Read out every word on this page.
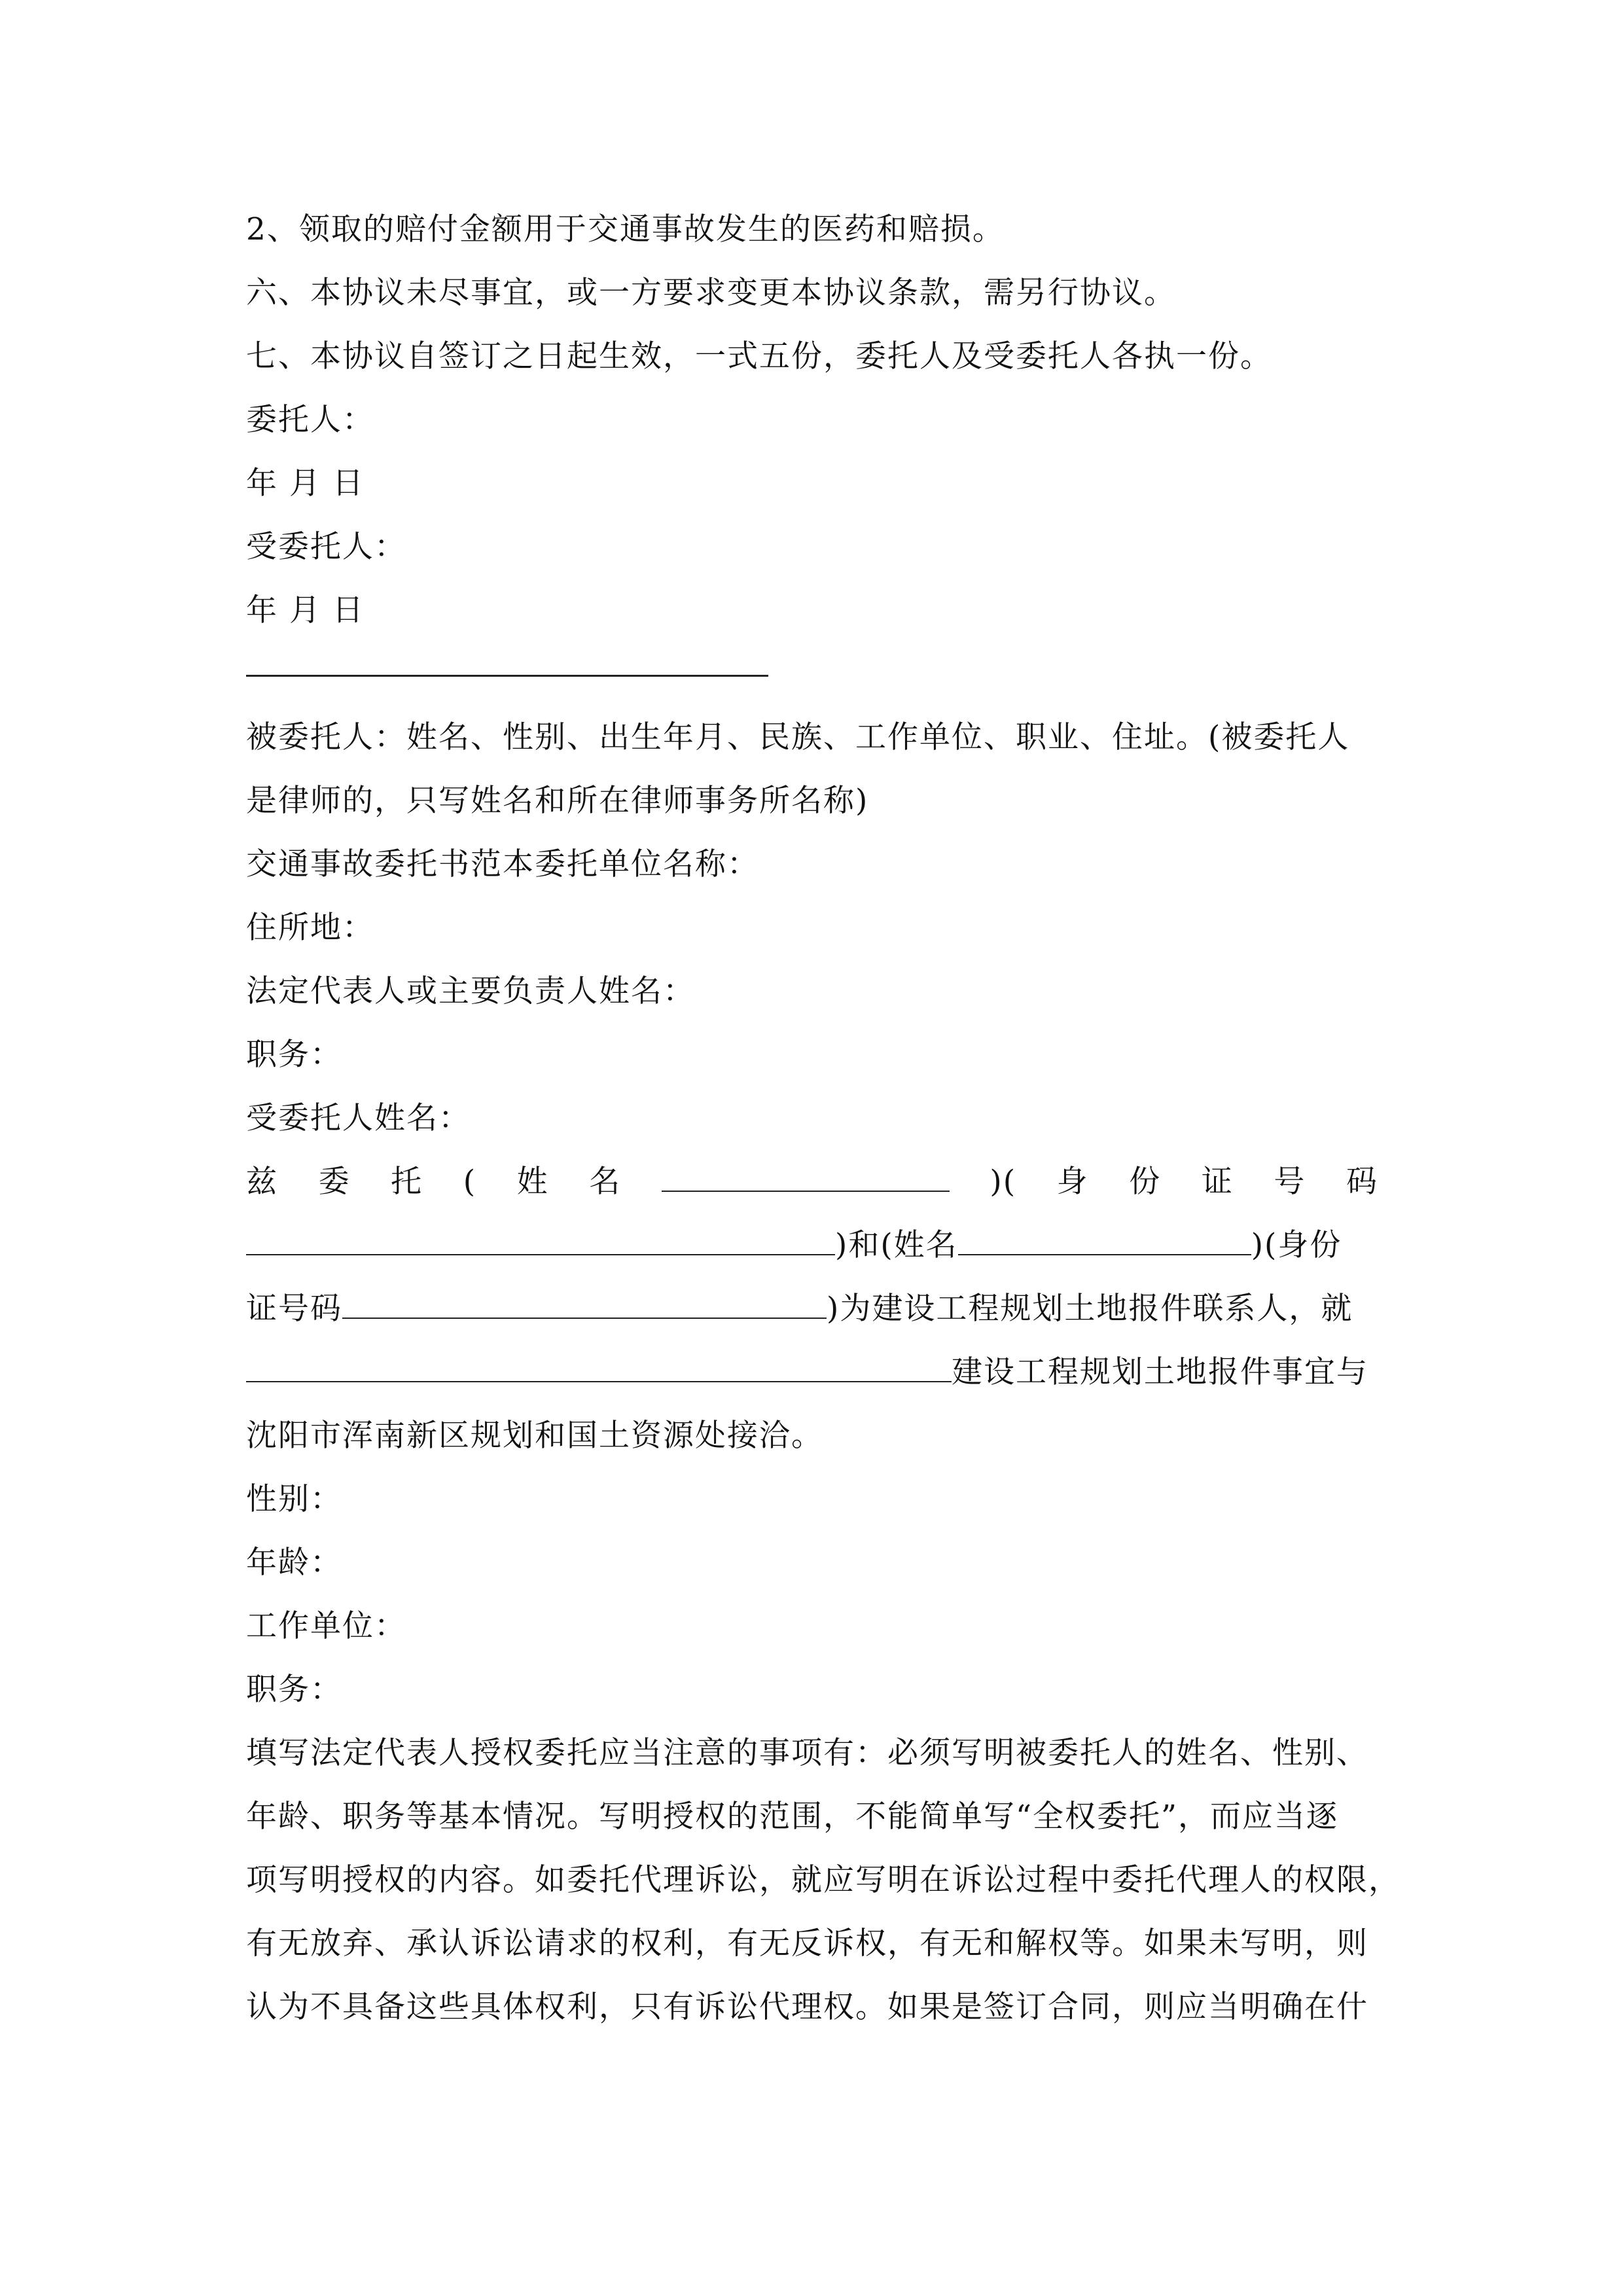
2、领取的赔付金额用于交通事故发生的医药和赔损。
六、本协议未尽事宜，或一方要求变更本协议条款，需另行协议。
七、本协议自签订之日起生效，一式五份，委托人及受委托人各执一份。
委托人：
年 月 日
受委托人：
年 月 日
被委托人：姓名、性别、出生年月、民族、工作单位、职业、住址。(被委托人
是律师的，只写姓名和所在律师事务所名称)
交通事故委托书范本委托单位名称：
住所地：
法定代表人或主要负责人姓名：
职务：
受委托人姓名：
兹 委 托 ( 姓 名	)( 身 份 证 号 码
)和(姓名	)(身份
证号码	)为建设工程规划土地报件联系人，就
建设工程规划土地报件事宜与
沈阳市浑南新区规划和国土资源处接洽。
性别：
年龄：
工作单位：
职务：
填写法定代表人授权委托应当注意的事项有：必须写明被委托人的姓名、性别、
年龄、职务等基本情况。写明授权的范围，不能简单写“全权委托”，而应当逐
项写明授权的内容。如委托代理诉讼，就应写明在诉讼过程中委托代理人的权限，
有无放弃、承认诉讼请求的权利，有无反诉权，有无和解权等。如果未写明，则
认为不具备这些具体权利，只有诉讼代理权。如果是签订合同，则应当明确在什
